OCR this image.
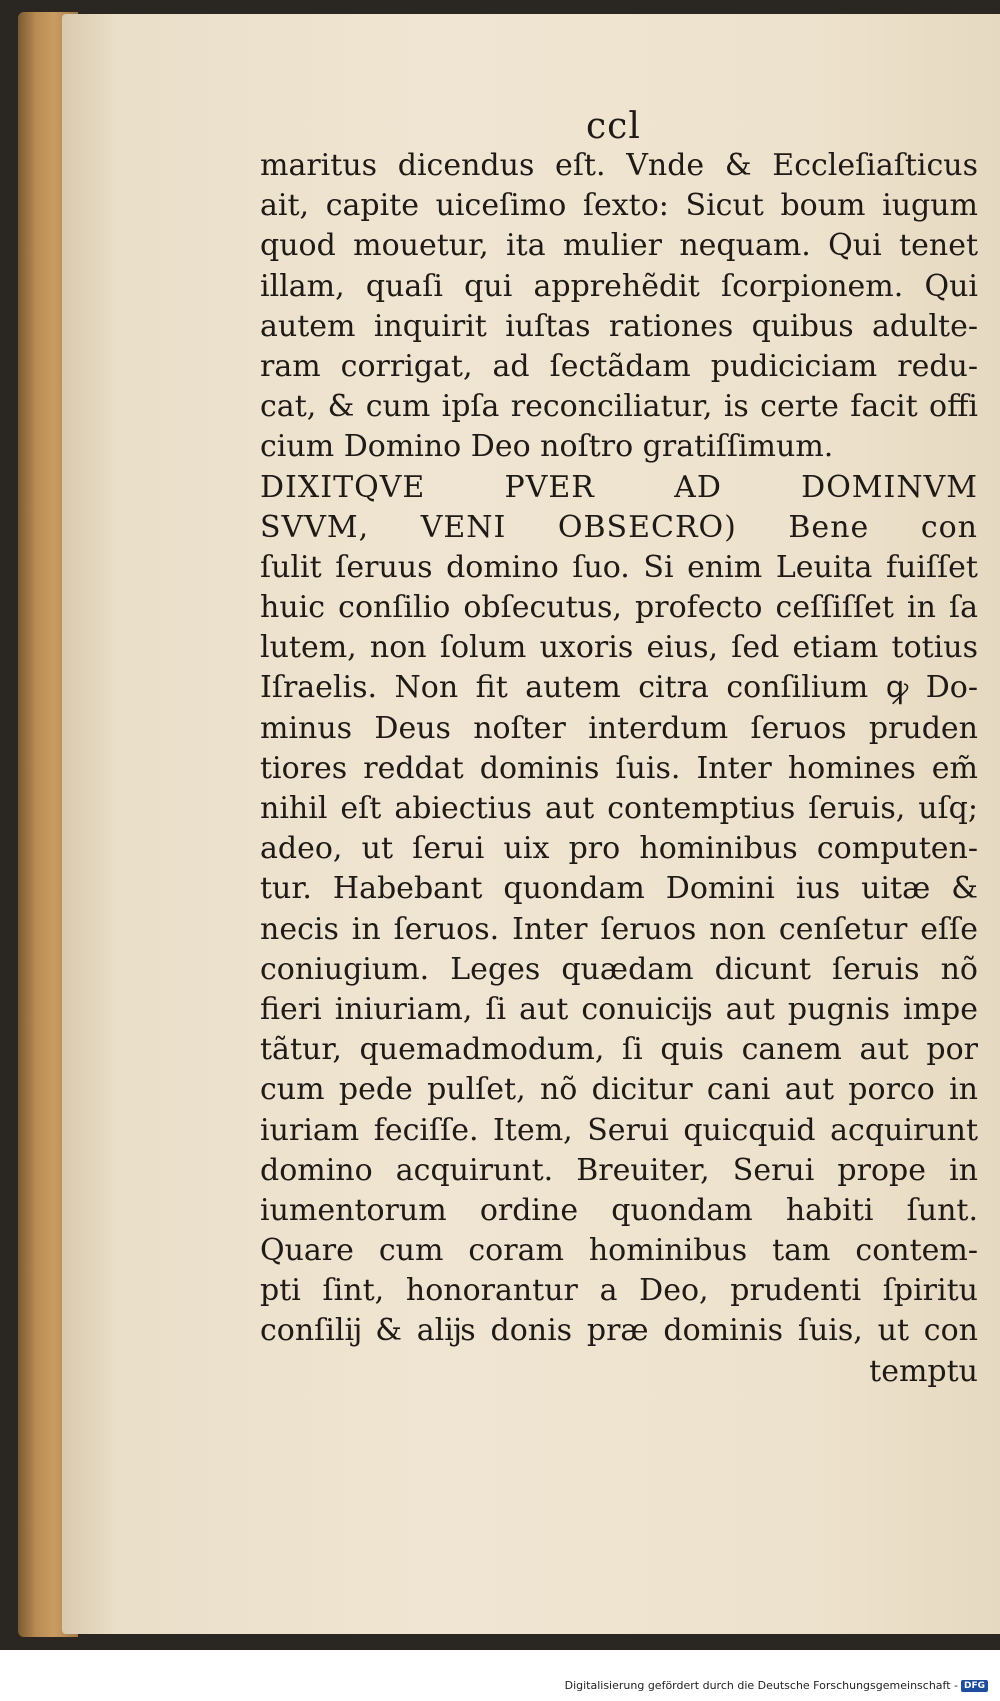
ccl
maritus dicendus eſt. Vnde & Eccleſiaſticus
ait, capite uiceſimo ſexto: Sicut boum iugum
quod mouetur, ita mulier nequam. Qui tenet
illam, quaſi qui apprehẽdit ſcorpionem. Qui
autem inquirit iuſtas rationes quibus adulte-
ram corrigat, ad ſectãdam pudiciciam redu-
cat, & cum ipſa reconciliatur, is certe facit offi
cium Domino Deo noſtro gratiſſimum.
DIXITQVE PVER AD DOMINVM
SVVM, VENI OBSECRO) Bene con
ſulit ſeruus domino ſuo. Si enim Leuita fuiſſet
huic conſilio obſecutus, profecto ceſſiſſet in ſa
lutem, non ſolum uxoris eius, ſed etiam totius
Iſraelis. Non fit autem citra conſilium ꝙ Do-
minus Deus noſter interdum ſeruos pruden
tiores reddat dominis ſuis. Inter homines em̃
nihil eſt abiectius aut contemptius ſeruis, uſq;
adeo, ut ſerui uix pro hominibus computen-
tur. Habebant quondam Domini ius uitæ &
necis in ſeruos. Inter ſeruos non cenſetur eſſe
coniugium. Leges quædam dicunt ſeruis nõ
fieri iniuriam, ſi aut conuicĳs aut pugnis impe
tãtur, quemadmodum, ſi quis canem aut por
cum pede pulſet, nõ dicitur cani aut porco in
iuriam feciſſe. Item, Serui quicquid acquirunt
domino acquirunt. Breuiter, Serui prope in
iumentorum ordine quondam habiti ſunt.
Quare cum coram hominibus tam contem-
pti ſint, honorantur a Deo, prudenti ſpiritu
conſilĳ & alĳs donis præ dominis ſuis, ut con
temptu
Digitalisierung gefördert durch die Deutsche Forschungsgemeinschaft - DFG
